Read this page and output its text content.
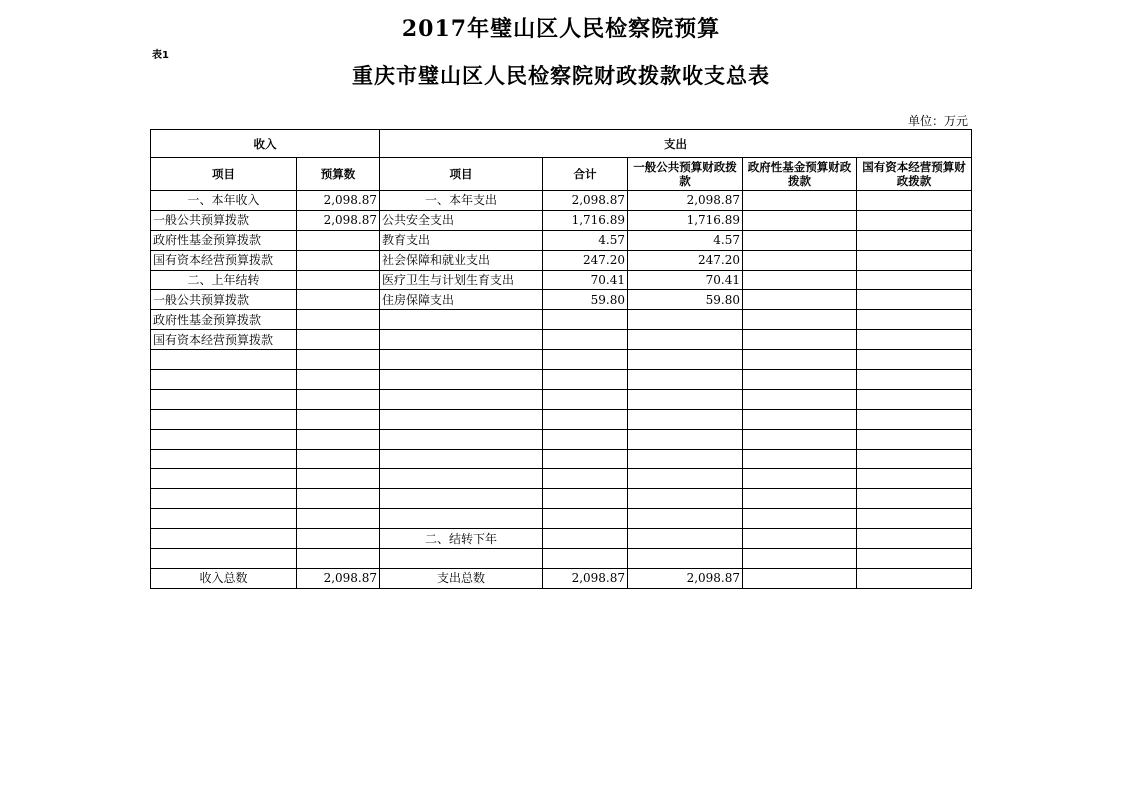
2017年璧山区人民检察院预算
表1
重庆市璧山区人民检察院财政拨款收支总表
单位：万元
收入		支出				
项目	预算数	项目	合计	一般公共预算财政拨款	政府性基金预算财政拨款	国有资本经营预算财政拨款
一、本年收入	2,098.87	一、本年支出	2,098.87	2,098.87		
一般公共预算拨款	2,098.87	公共安全支出	1,716.89	1,716.89		
政府性基金预算拨款		教育支出	4.57	4.57		
国有资本经营预算拨款		社会保障和就业支出	247.20	247.20		
二、上年结转		医疗卫生与计划生育支出	70.41	70.41		
一般公共预算拨款		住房保障支出	59.80	59.80		
政府性基金预算拨款						
国有资本经营预算拨款						

		二、结转下年				

收入总数	2,098.87	支出总数	2,098.87	2,098.87		
